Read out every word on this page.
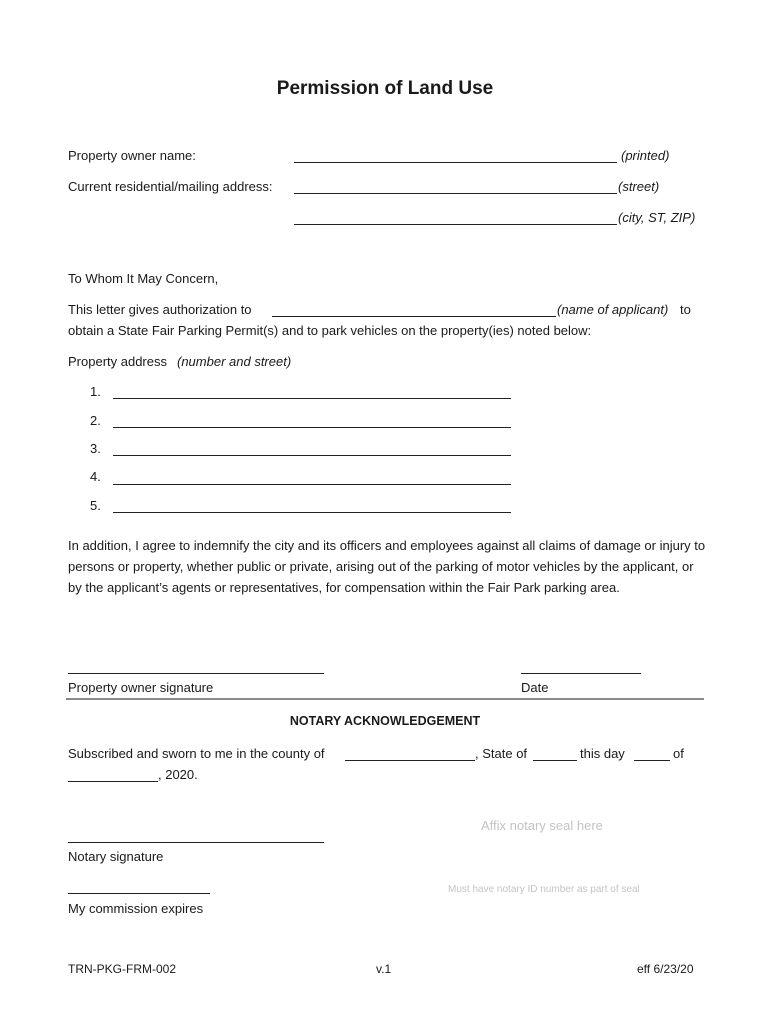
Permission of Land Use
Property owner name:	(printed)
Current residential/mailing address:	(street)
(city, ST, ZIP)
To Whom It May Concern,
This letter gives authorization to	(name of applicant) to
obtain a State Fair Parking Permit(s) and to park vehicles on the property(ies) noted below:
Property address (number and street)
1.
2.
3.
4.
5.
In addition, I agree to indemnify the city and its officers and employees against all claims of damage or injury to persons or property, whether public or private, arising out of the parking of motor vehicles by the applicant, or by the applicant’s agents or representatives, for compensation within the Fair Park parking area.
Property owner signature	Date
NOTARY ACKNOWLEDGEMENT
Subscribed and sworn to me in the county of	, State of	this day	of
, 2020.
Affix notary seal here
Notary signature
Must have notary ID number as part of seal
My commission expires
TRN-PKG-FRM-002	v.1	eff 6/23/20
